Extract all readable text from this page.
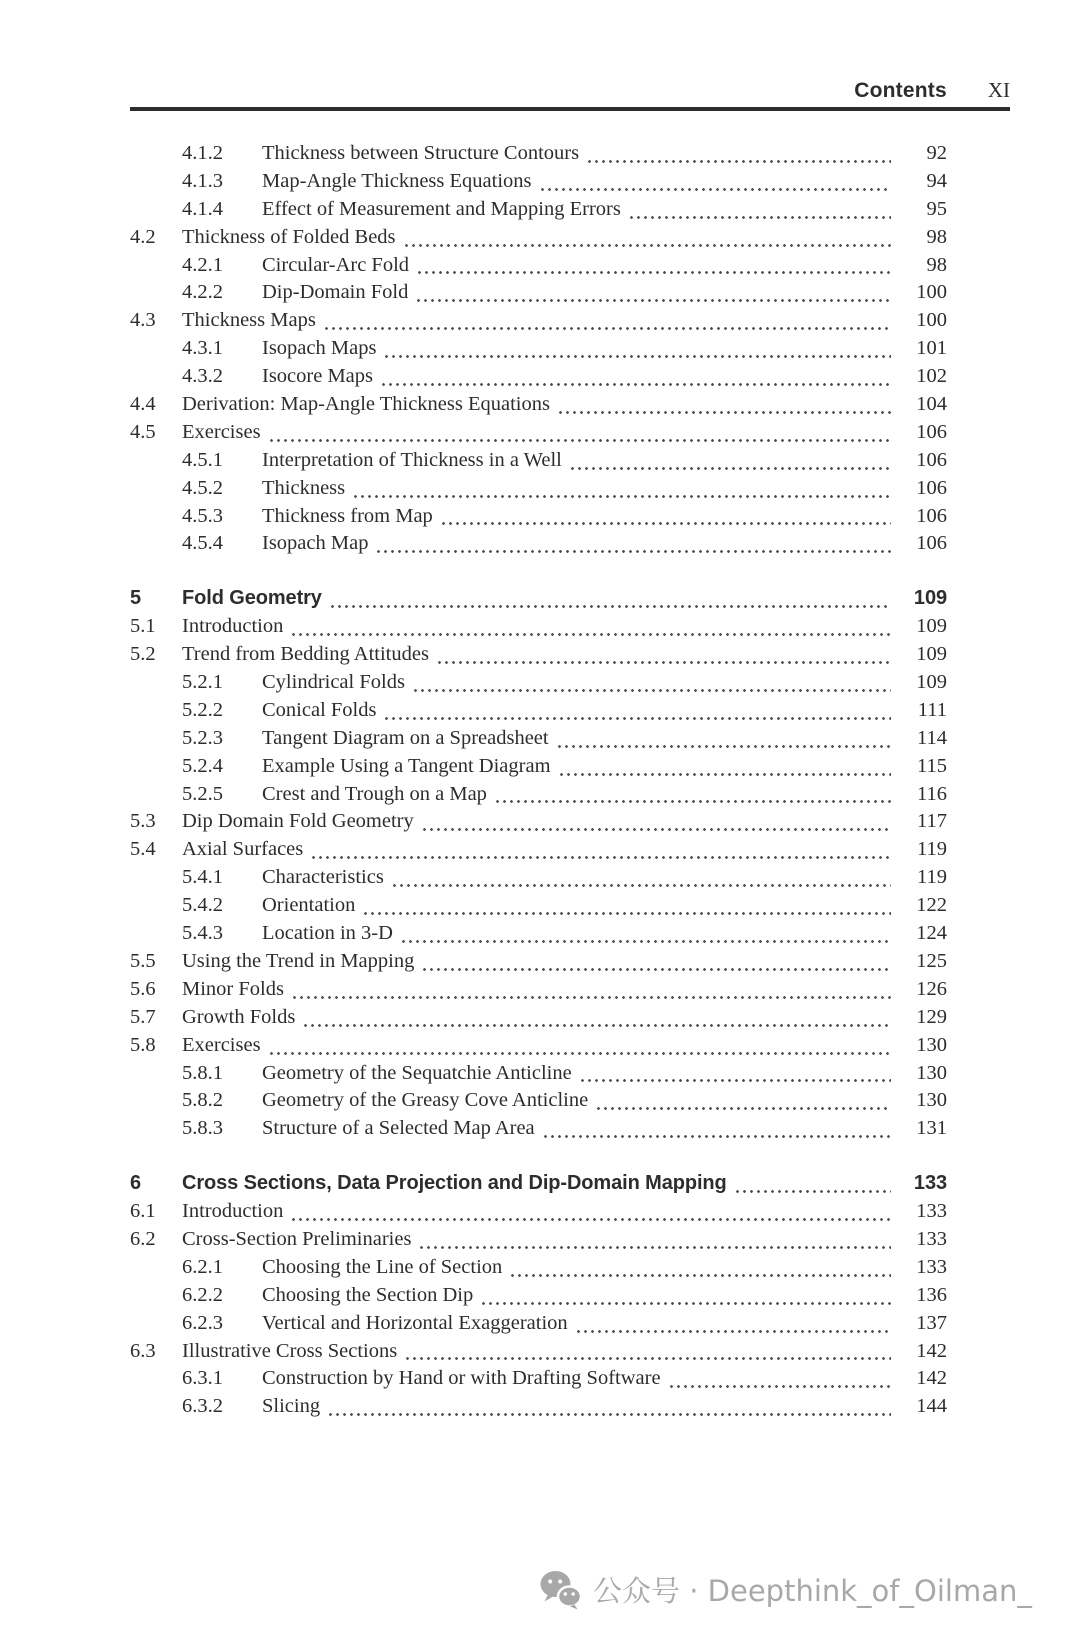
Contents XI
4.1.2	Thickness between Structure Contours	92
4.1.3	Map-Angle Thickness Equations	94
4.1.4	Effect of Measurement and Mapping Errors	95
4.2	Thickness of Folded Beds	98
4.2.1	Circular-Arc Fold	98
4.2.2	Dip-Domain Fold	100
4.3	Thickness Maps	100
4.3.1	Isopach Maps	101
4.3.2	Isocore Maps	102
4.4	Derivation: Map-Angle Thickness Equations	104
4.5	Exercises	106
4.5.1	Interpretation of Thickness in a Well	106
4.5.2	Thickness	106
4.5.3	Thickness from Map	106
4.5.4	Isopach Map	106
5	Fold Geometry	109
5.1	Introduction	109
5.2	Trend from Bedding Attitudes	109
5.2.1	Cylindrical Folds	109
5.2.2	Conical Folds	111
5.2.3	Tangent Diagram on a Spreadsheet	114
5.2.4	Example Using a Tangent Diagram	115
5.2.5	Crest and Trough on a Map	116
5.3	Dip Domain Fold Geometry	117
5.4	Axial Surfaces	119
5.4.1	Characteristics	119
5.4.2	Orientation	122
5.4.3	Location in 3-D	124
5.5	Using the Trend in Mapping	125
5.6	Minor Folds	126
5.7	Growth Folds	129
5.8	Exercises	130
5.8.1	Geometry of the Sequatchie Anticline	130
5.8.2	Geometry of the Greasy Cove Anticline	130
5.8.3	Structure of a Selected Map Area	131
6	Cross Sections, Data Projection and Dip-Domain Mapping	133
6.1	Introduction	133
6.2	Cross-Section Preliminaries	133
6.2.1	Choosing the Line of Section	133
6.2.2	Choosing the Section Dip	136
6.2.3	Vertical and Horizontal Exaggeration	137
6.3	Illustrative Cross Sections	142
6.3.1	Construction by Hand or with Drafting Software	142
6.3.2	Slicing	144
公众号 · Deepthink_of_Oilman_
